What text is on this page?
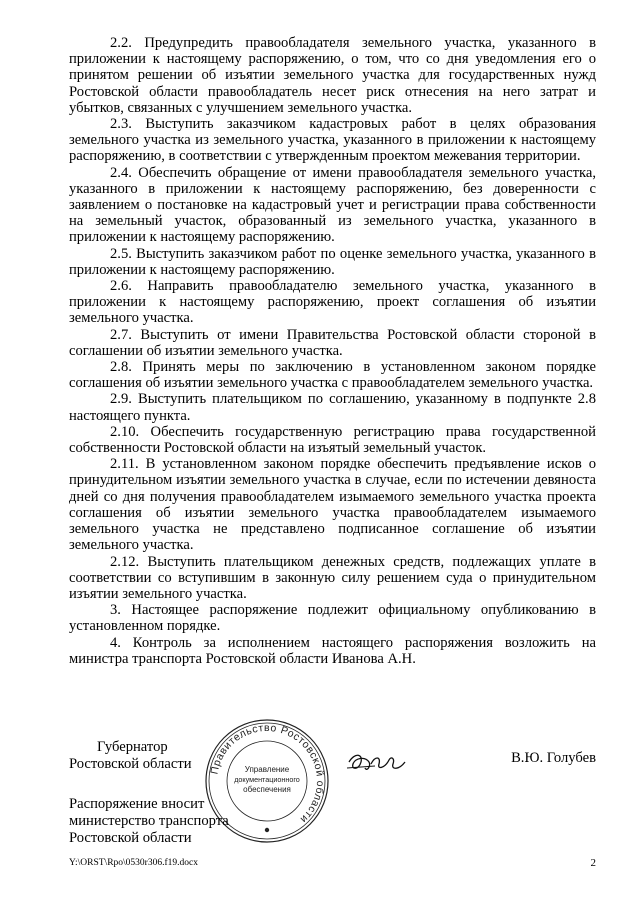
2.2. Предупредить правообладателя земельного участка, указанного в приложении к настоящему распоряжению, о том, что со дня уведомления его о принятом решении об изъятии земельного участка для государственных нужд Ростовской области правообладатель несет риск отнесения на него затрат и убытков, связанных с улучшением земельного участка.

2.3. Выступить заказчиком кадастровых работ в целях образования земельного участка из земельного участка, указанного в приложении к настоящему распоряжению, в соответствии с утвержденным проектом межевания территории.

2.4. Обеспечить обращение от имени правообладателя земельного участка, указанного в приложении к настоящему распоряжению, без доверенности с заявлением о постановке на кадастровый учет и регистрации права собственности на земельный участок, образованный из земельного участка, указанного в приложении к настоящему распоряжению.

2.5. Выступить заказчиком работ по оценке земельного участка, указанного в приложении к настоящему распоряжению.

2.6. Направить правообладателю земельного участка, указанного в приложении к настоящему распоряжению, проект соглашения об изъятии земельного участка.

2.7. Выступить от имени Правительства Ростовской области стороной в соглашении об изъятии земельного участка.

2.8. Принять меры по заключению в установленном законом порядке соглашения об изъятии земельного участка с правообладателем земельного участка.

2.9. Выступить плательщиком по соглашению, указанному в подпункте 2.8 настоящего пункта.

2.10. Обеспечить государственную регистрацию права государственной собственности Ростовской области на изъятый земельный участок.

2.11. В установленном законом порядке обеспечить предъявление исков о принудительном изъятии земельного участка в случае, если по истечении девяноста дней со дня получения правообладателем изымаемого земельного участка проекта соглашения об изъятии земельного участка правообладателем изымаемого земельного участка не представлено подписанное соглашение об изъятии земельного участка.

2.12. Выступить плательщиком денежных средств, подлежащих уплате в соответствии со вступившим в законную силу решением суда о принудительном изъятии земельного участка.

3. Настоящее распоряжение подлежит официальному опубликованию в установленном порядке.

4. Контроль за исполнением настоящего распоряжения возложить на министра транспорта Ростовской области Иванова А.Н.

Губернатор
Ростовской области Правительство Ростовской области
Управление
документационного
обеспечения
В.Ю. Голубев
Распоряжение вносит
министерство транспорта
Ростовской области
Y:\ORST\Rpo\0530r306.f19.docx	2
